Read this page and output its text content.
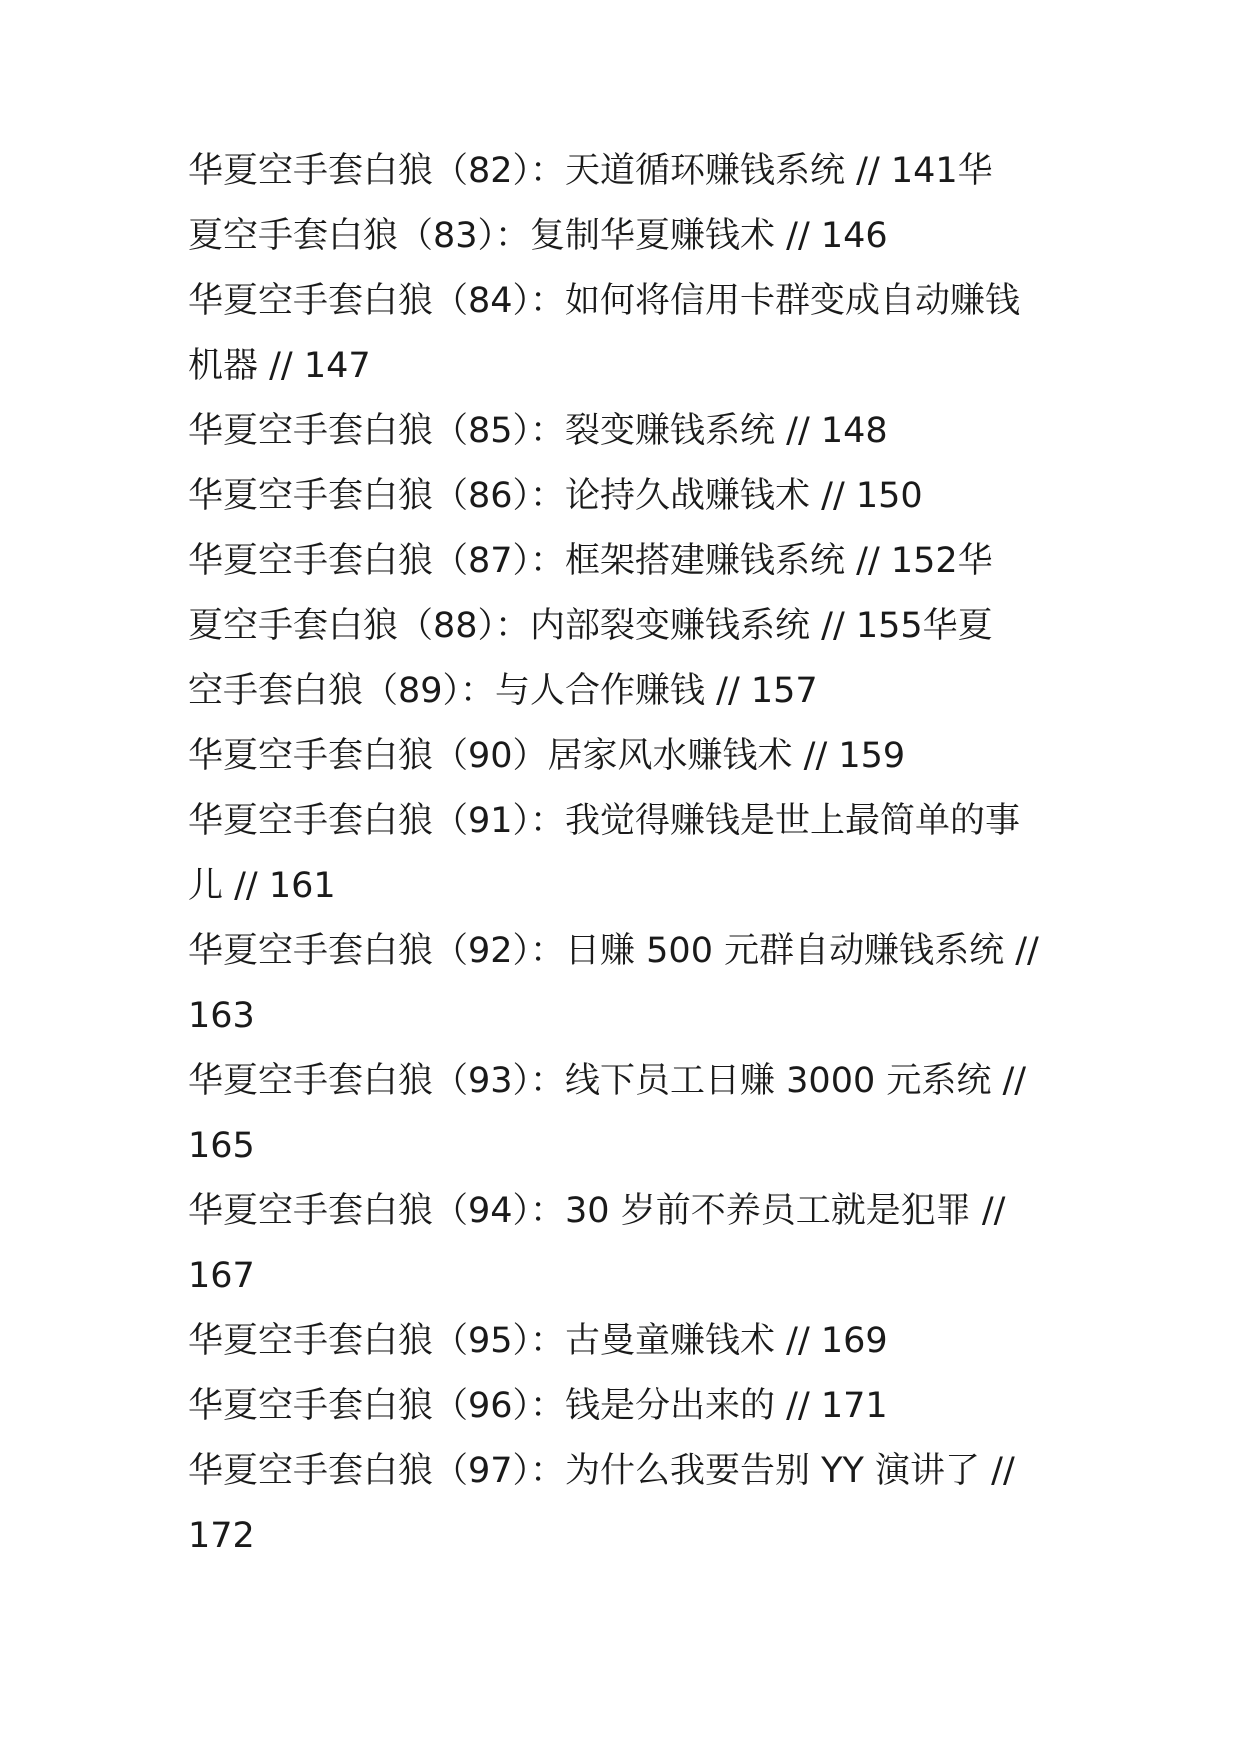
华夏空手套白狼（82）：天道循环赚钱系统 // 141华
夏空手套白狼（83）：复制华夏赚钱术 // 146
华夏空手套白狼（84）：如何将信用卡群变成自动赚钱
机器 // 147
华夏空手套白狼（85）：裂变赚钱系统 // 148
华夏空手套白狼（86）：论持久战赚钱术 // 150
华夏空手套白狼（87）：框架搭建赚钱系统 // 152华
夏空手套白狼（88）：内部裂变赚钱系统 // 155华夏
空手套白狼（89）：与人合作赚钱 // 157
华夏空手套白狼（90）居家风水赚钱术 // 159
华夏空手套白狼（91）：我觉得赚钱是世上最简单的事
儿 // 161
华夏空手套白狼（92）：日赚 500 元群自动赚钱系统 //
163
华夏空手套白狼（93）：线下员工日赚 3000 元系统 //
165
华夏空手套白狼（94）：30 岁前不养员工就是犯罪 //
167
华夏空手套白狼（95）：古曼童赚钱术 // 169
华夏空手套白狼（96）：钱是分出来的 // 171
华夏空手套白狼（97）：为什么我要告别 YY 演讲了 //
172
